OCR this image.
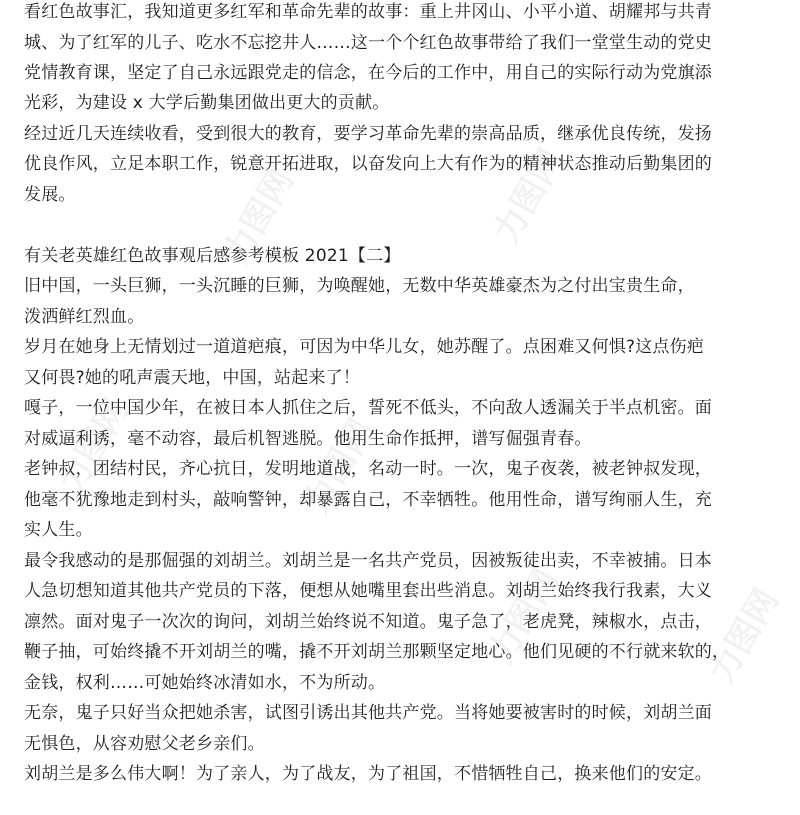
看红色故事汇，我知道更多红军和革命先辈的故事：重上井冈山、小平小道、胡耀邦与共青
城、为了红军的儿子、吃水不忘挖井人……这一个个红色故事带给了我们一堂堂生动的党史
党情教育课，坚定了自己永远跟党走的信念，在今后的工作中，用自己的实际行动为党旗添
光彩，为建设 x 大学后勤集团做出更大的贡献。
经过近几天连续收看，受到很大的教育，要学习革命先辈的崇高品质，继承优良传统，发扬
优良作风，立足本职工作，锐意开拓进取，以奋发向上大有作为的精神状态推动后勤集团的
发展。
有关老英雄红色故事观后感参考模板 2021【二】
旧中国，一头巨狮，一头沉睡的巨狮，为唤醒她，无数中华英雄豪杰为之付出宝贵生命，
泼洒鲜红烈血。
岁月在她身上无情划过一道道疤痕，可因为中华儿女，她苏醒了。点困难又何惧?这点伤疤
又何畏?她的吼声震天地，中国，站起来了！
嘎子，一位中国少年，在被日本人抓住之后，誓死不低头，不向敌人透漏关于半点机密。面
对威逼利诱，毫不动容，最后机智逃脱。他用生命作抵押，谱写倔强青春。
老钟叔，团结村民，齐心抗日，发明地道战，名动一时。一次，鬼子夜袭，被老钟叔发现，
他毫不犹豫地走到村头，敲响警钟，却暴露自己，不幸牺牲。他用性命，谱写绚丽人生，充
实人生。
最令我感动的是那倔强的刘胡兰。刘胡兰是一名共产党员，因被叛徒出卖，不幸被捕。日本
人急切想知道其他共产党员的下落，便想从她嘴里套出些消息。刘胡兰始终我行我素，大义
凛然。面对鬼子一次次的询问，刘胡兰始终说不知道。鬼子急了，老虎凳，辣椒水，点击，
鞭子抽，可始终撬不开刘胡兰的嘴，撬不开刘胡兰那颗坚定地心。他们见硬的不行就来软的，
金钱，权利……可她始终冰清如水，不为所动。
无奈，鬼子只好当众把她杀害，试图引诱出其他共产党。当将她要被害时的时候，刘胡兰面
无惧色，从容劝慰父老乡亲们。
刘胡兰是多么伟大啊！为了亲人，为了战友，为了祖国，不惜牺牲自己，换来他们的安定。
力图网	力图网
力图网	力图网
力图网	力图网
